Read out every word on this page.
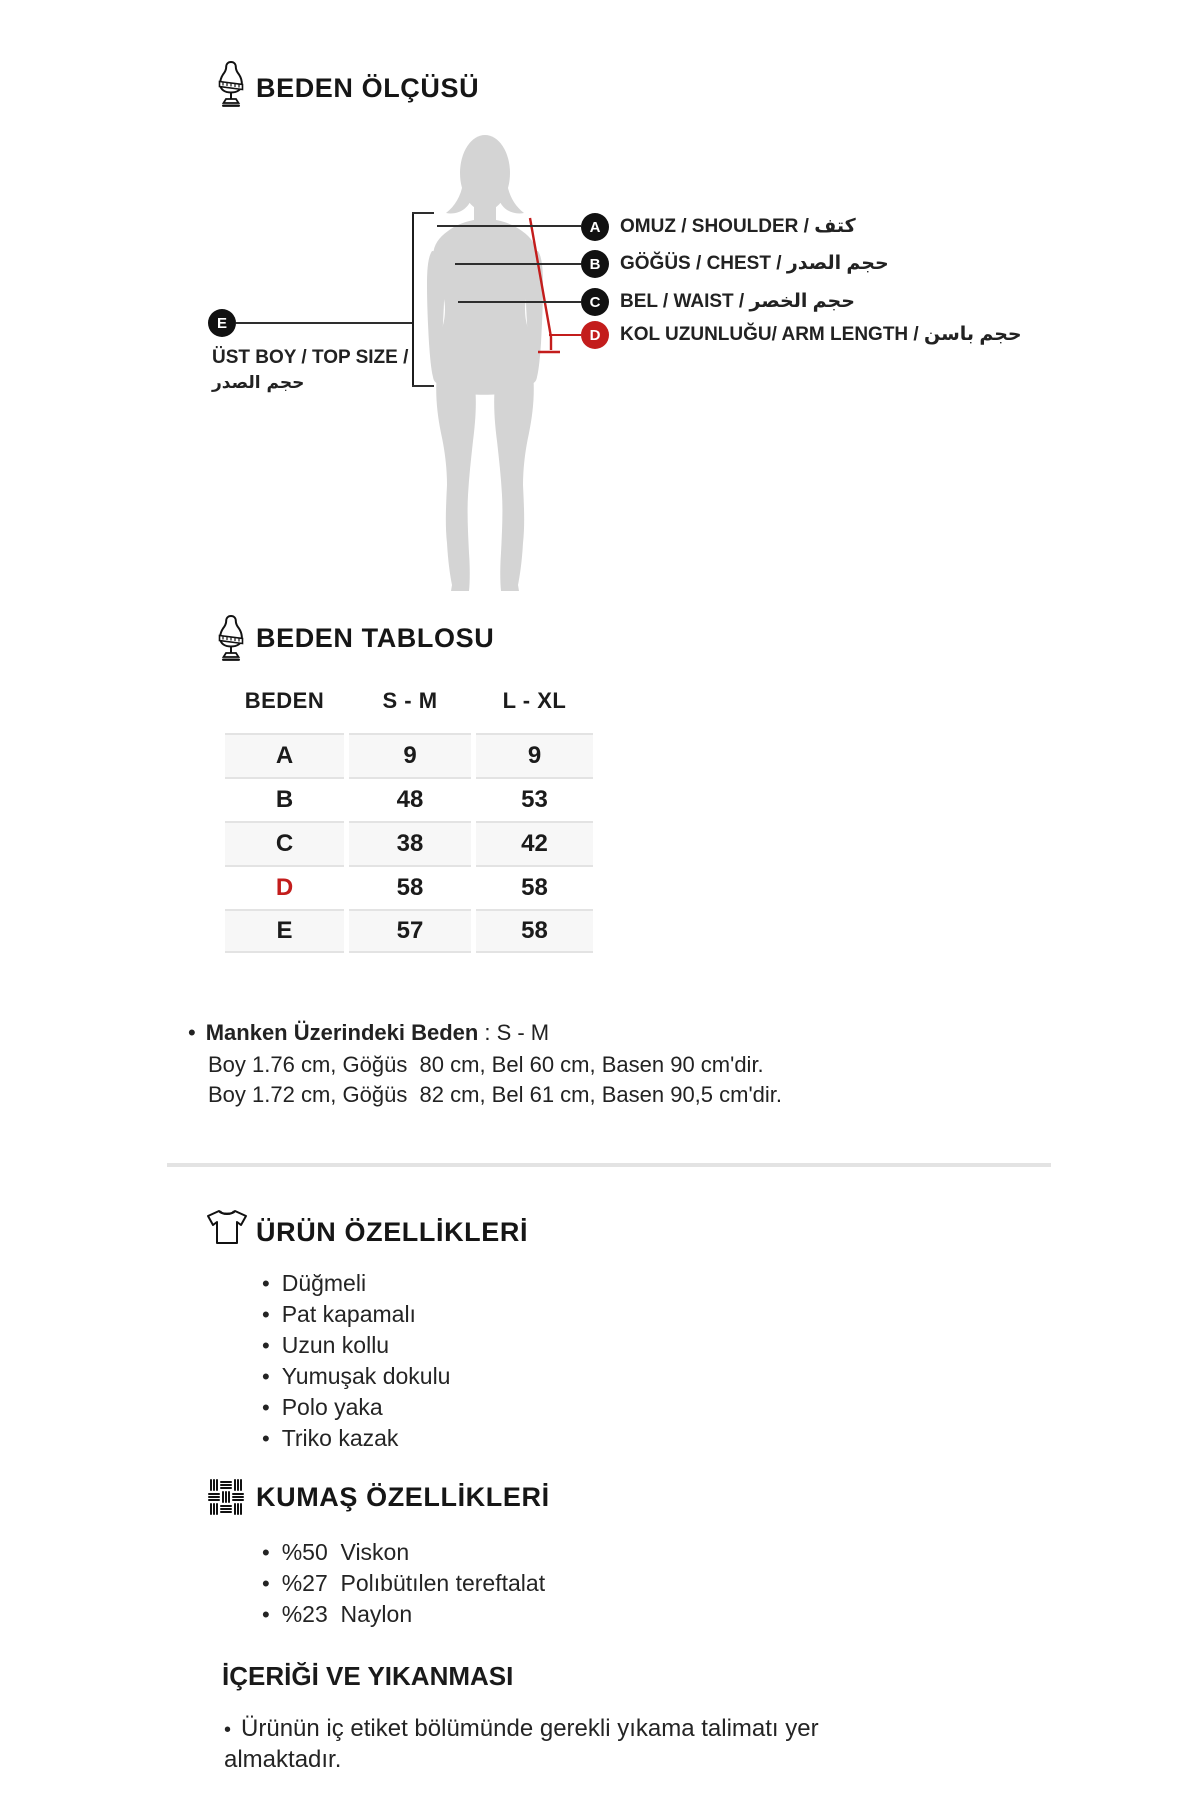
BEDEN ÖLÇÜSÜ
E
ÜST BOY / TOP SIZE /
حجم الصدر
A	OMUZ / SHOULDER / كتف
B	GÖĞÜS / CHEST / حجم الصدر
C	BEL / WAIST / حجم الخصر
D	KOL UZUNLUĞU/ ARM LENGTH / حجم باسن
BEDEN TABLOSU
BEDEN	S - M	L - XL
A	9	9
B	48	53
C	38	42
D	58	58
E	57	58
• Manken Üzerindeki Beden : S - M
Boy 1.76 cm, Göğüs  80 cm, Bel 60 cm, Basen 90 cm'dir.
Boy 1.72 cm, Göğüs  82 cm, Bel 61 cm, Basen 90,5 cm'dir.
ÜRÜN ÖZELLİKLERİ
• Düğmeli
• Pat kapamalı
• Uzun kollu
• Yumuşak dokulu
• Polo yaka
• Triko kazak
KUMAŞ ÖZELLİKLERİ
• %50  Viskon
• %27  Polıbütılen tereftalat
• %23  Naylon
İÇERİĞİ VE YIKANMASI
• Ürünün iç etiket bölümünde gerekli yıkama talimatı yer almaktadır.
